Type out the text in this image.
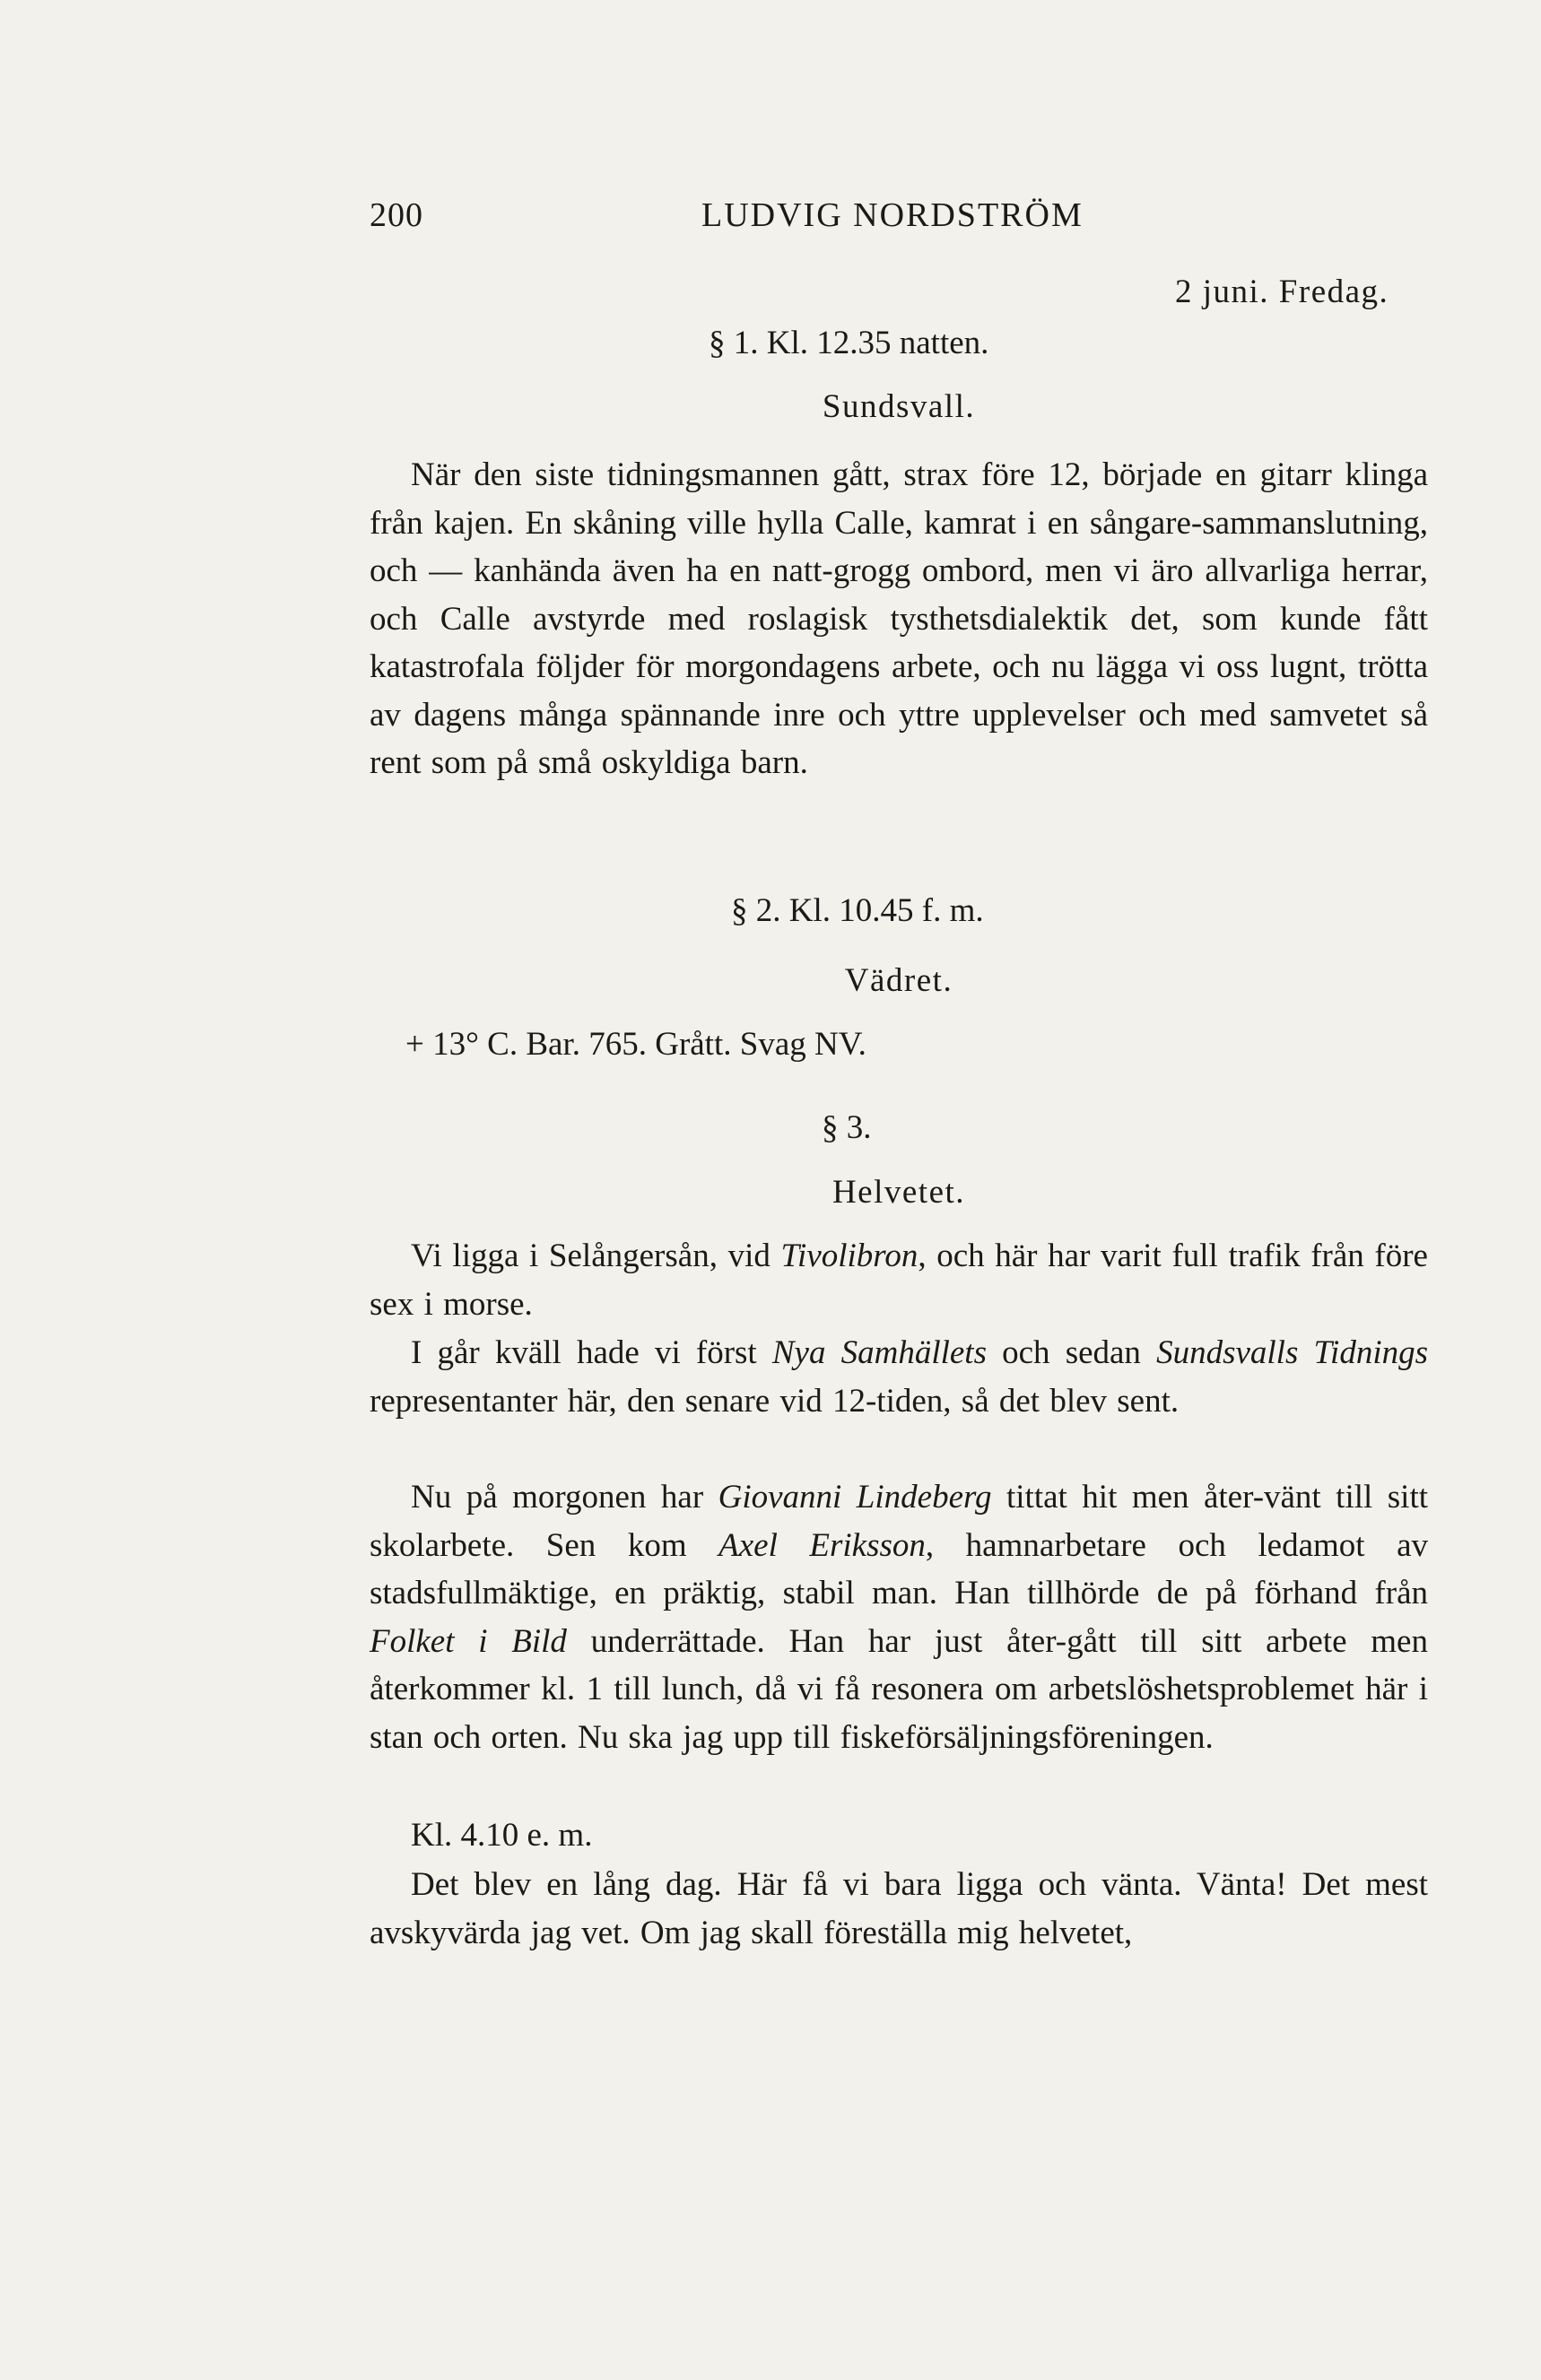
200	LUDVIG NORDSTRÖM
2 juni. Fredag.
§ 1. Kl. 12.35 natten.
Sundsvall.
När den siste tidningsmannen gått, strax före 12, började en gitarr klinga från kajen. En skåning ville hylla Calle, kamrat i en sångare-sammanslutning, och — kanhända även ha en natt-grogg ombord, men vi äro allvarliga herrar, och Calle avstyrde med roslagisk tysthetsdialektik det, som kunde fått katastrofala följder för morgondagens arbete, och nu lägga vi oss lugnt, trötta av dagens många spännande inre och yttre upplevelser och med samvetet så rent som på små oskyldiga barn.
§ 2. Kl. 10.45 f. m.
Vädret.
+ 13° C. Bar. 765. Grått. Svag NV.
§ 3.
Helvetet.
Vi ligga i Selångersån, vid Tivolibron, och här har varit full trafik från före sex i morse.
I går kväll hade vi först Nya Samhällets och sedan Sundsvalls Tidnings representanter här, den senare vid 12-tiden, så det blev sent.
Nu på morgonen har Giovanni Lindeberg tittat hit men åter-vänt till sitt skolarbete. Sen kom Axel Eriksson, hamnarbetare och ledamot av stadsfullmäktige, en präktig, stabil man. Han tillhörde de på förhand från Folket i Bild underrättade. Han har just åter-gått till sitt arbete men återkommer kl. 1 till lunch, då vi få resonera om arbetslöshetsproblemet här i stan och orten. Nu ska jag upp till fiskeförsäljningsföreningen.
Kl. 4.10 e. m.
Det blev en lång dag. Här få vi bara ligga och vänta. Vänta! Det mest avskyvärda jag vet. Om jag skall föreställa mig helvetet,
